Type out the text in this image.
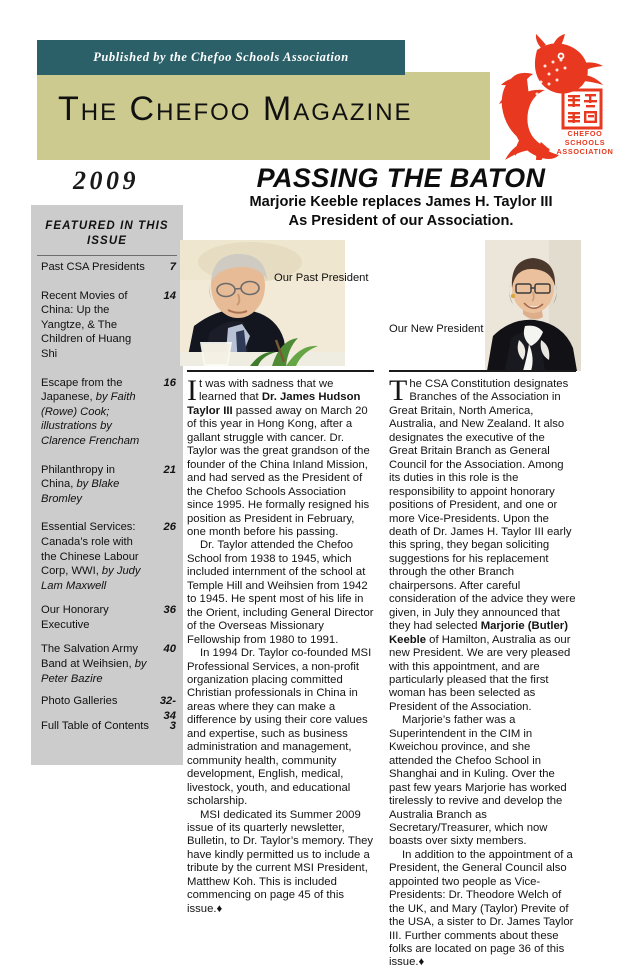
Published by the Chefoo Schools Association
The Chefoo Magazine
CHEFOO SCHOOLS ASSOCIATION
2009
FEATURED IN THIS ISSUE
7
Past CSA Presidents
14
Recent Movies of China: Up the Yangtze, & The Children of Huang Shi
16
Escape from the Japanese, by Faith (Rowe) Cook; illustrations by Clarence Frencham
21
Philanthropy in China, by Blake Bromley
26
Essential Services: Canada’s role with the Chinese Labour Corp, WWI, by Judy Lam Maxwell
36
Our Honorary Executive
40
The Salvation Army Band at Weihsien, by Peter Bazire
32-34
Photo Galleries
3
Full Table of Contents
PASSING THE BATON
Marjorie Keeble replaces James H. Taylor III
As President of our Association.
Our Past President
Our New President

It was with sadness that we learned that Dr. James Hudson Taylor III passed away on March 20 of this year in Hong Kong, after a gallant struggle with cancer. Dr. Taylor was the great grandson of the founder of the China Inland Mission, and had served as the President of the Chefoo Schools Association since 1995. He formally resigned his position as President in February, one month before his passing.

Dr. Taylor attended the Chefoo School from 1938 to 1945, which included internment of the school at Temple Hill and Weihsien from 1942 to 1945. He spent most of his life in the Orient, including General Director of the Overseas Missionary Fellowship from 1980 to 1991.

In 1994 Dr. Taylor co-founded MSI Professional Services, a non-profit organization placing committed Christian professionals in China in areas where they can make a difference by using their core values and expertise, such as business administration and management, community health, community development, English, medical, livestock, youth, and educational scholarship.

MSI dedicated its Summer 2009 issue of its quarterly newsletter, Bulletin, to Dr. Taylor’s memory. They have kindly permitted us to include a tribute by the current MSI President, Matthew Koh. This is included commencing on page 45 of this issue.♦

The CSA Constitution designates Branches of the Association in Great Britain, North America, Australia, and New Zealand. It also designates the executive of the Great Britain Branch as General Council for the Association. Among its duties in this role is the responsibility to appoint honorary positions of President, and one or more Vice-Presidents. Upon the death of Dr. James H. Taylor III early this spring, they began soliciting suggestions for his replacement through the other Branch chairpersons. After careful consideration of the advice they were given, in July they announced that they had selected Marjorie (Butler) Keeble of Hamilton, Australia as our new President. We are very pleased with this appointment, and are particularly pleased that the first woman has been selected as President of the Association.

Marjorie’s father was a Superintendent in the CIM in Kweichou province, and she attended the Chefoo School in Shanghai and in Kuling. Over the past few years Marjorie has worked tirelessly to revive and develop the Australia Branch as Secretary/Treasurer, which now boasts over sixty members.

In addition to the appointment of a President, the General Council also appointed two people as Vice-Presidents: Dr. Theodore Welch of the UK, and Mary (Taylor) Previte of the USA, a sister to Dr. James Taylor III. Further comments about these folks are located on page 36 of this issue.♦
